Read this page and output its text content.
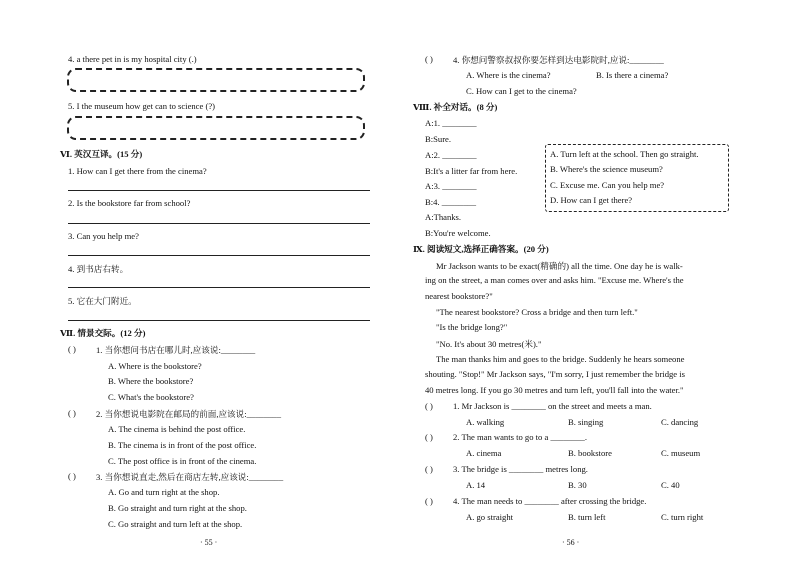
4. a there pet in is my hospital city (.)
5. I the museum how get can to science (?)
Ⅵ. 英汉互译。(15 分)
1. How can I get there from the cinema?
2. Is the bookstore far from school?
3. Can you help me?
4. 到书店右转。
5. 它在大门附近。
Ⅶ. 情景交际。(12 分)
( ) 1. 当你想问书店在哪儿时,应该说:________
A. Where is the bookstore?
B. Where the bookstore?
C. What's the bookstore?
( ) 2. 当你想说电影院在邮局的前面,应该说:________
A. The cinema is behind the post office.
B. The cinema is in front of the post office.
C. The post office is in front of the cinema.
( ) 3. 当你想说直走,然后在商店左转,应该说:________
A. Go and turn right at the shop.
B. Go straight and turn right at the shop.
C. Go straight and turn left at the shop.
· 55 ·
( ) 4. 你想问警察叔叔你要怎样到达电影院时,应说:________
A. Where is the cinema?	B. Is there a cinema?
C. How can I get to the cinema?
Ⅷ. 补全对话。(8 分)
A:1. ________
B:Sure.
A:2. ________
B:It's a litter far from here.
A:3. ________
B:4. ________
A:Thanks.
B:You're welcome.
A. Turn left at the school. Then go straight.
B. Where's the science museum?
C. Excuse me. Can you help me?
D. How can I get there?
Ⅸ. 阅读短文,选择正确答案。(20 分)
Mr Jackson wants to be exact(精确的) all the time. One day he is walk-
ing on the street, a man comes over and asks him. "Excuse me. Where's the
nearest bookstore?"
"The nearest bookstore? Cross a bridge and then turn left."
"Is the bridge long?"
"No. It's about 30 metres(米)."
The man thanks him and goes to the bridge. Suddenly he hears someone
shouting. "Stop!" Mr Jackson says, "I'm sorry, I just remember the bridge is
40 metres long. If you go 30 metres and turn left, you'll fall into the water."
( ) 1. Mr Jackson is ________ on the street and meets a man.
A. walking	B. singing	C. dancing
( ) 2. The man wants to go to a ________.
A. cinema	B. bookstore	C. museum
( ) 3. The bridge is ________ metres long.
A. 14	B. 30	C. 40
( ) 4. The man needs to ________ after crossing the bridge.
A. go straight	B. turn left	C. turn right
· 56 ·
